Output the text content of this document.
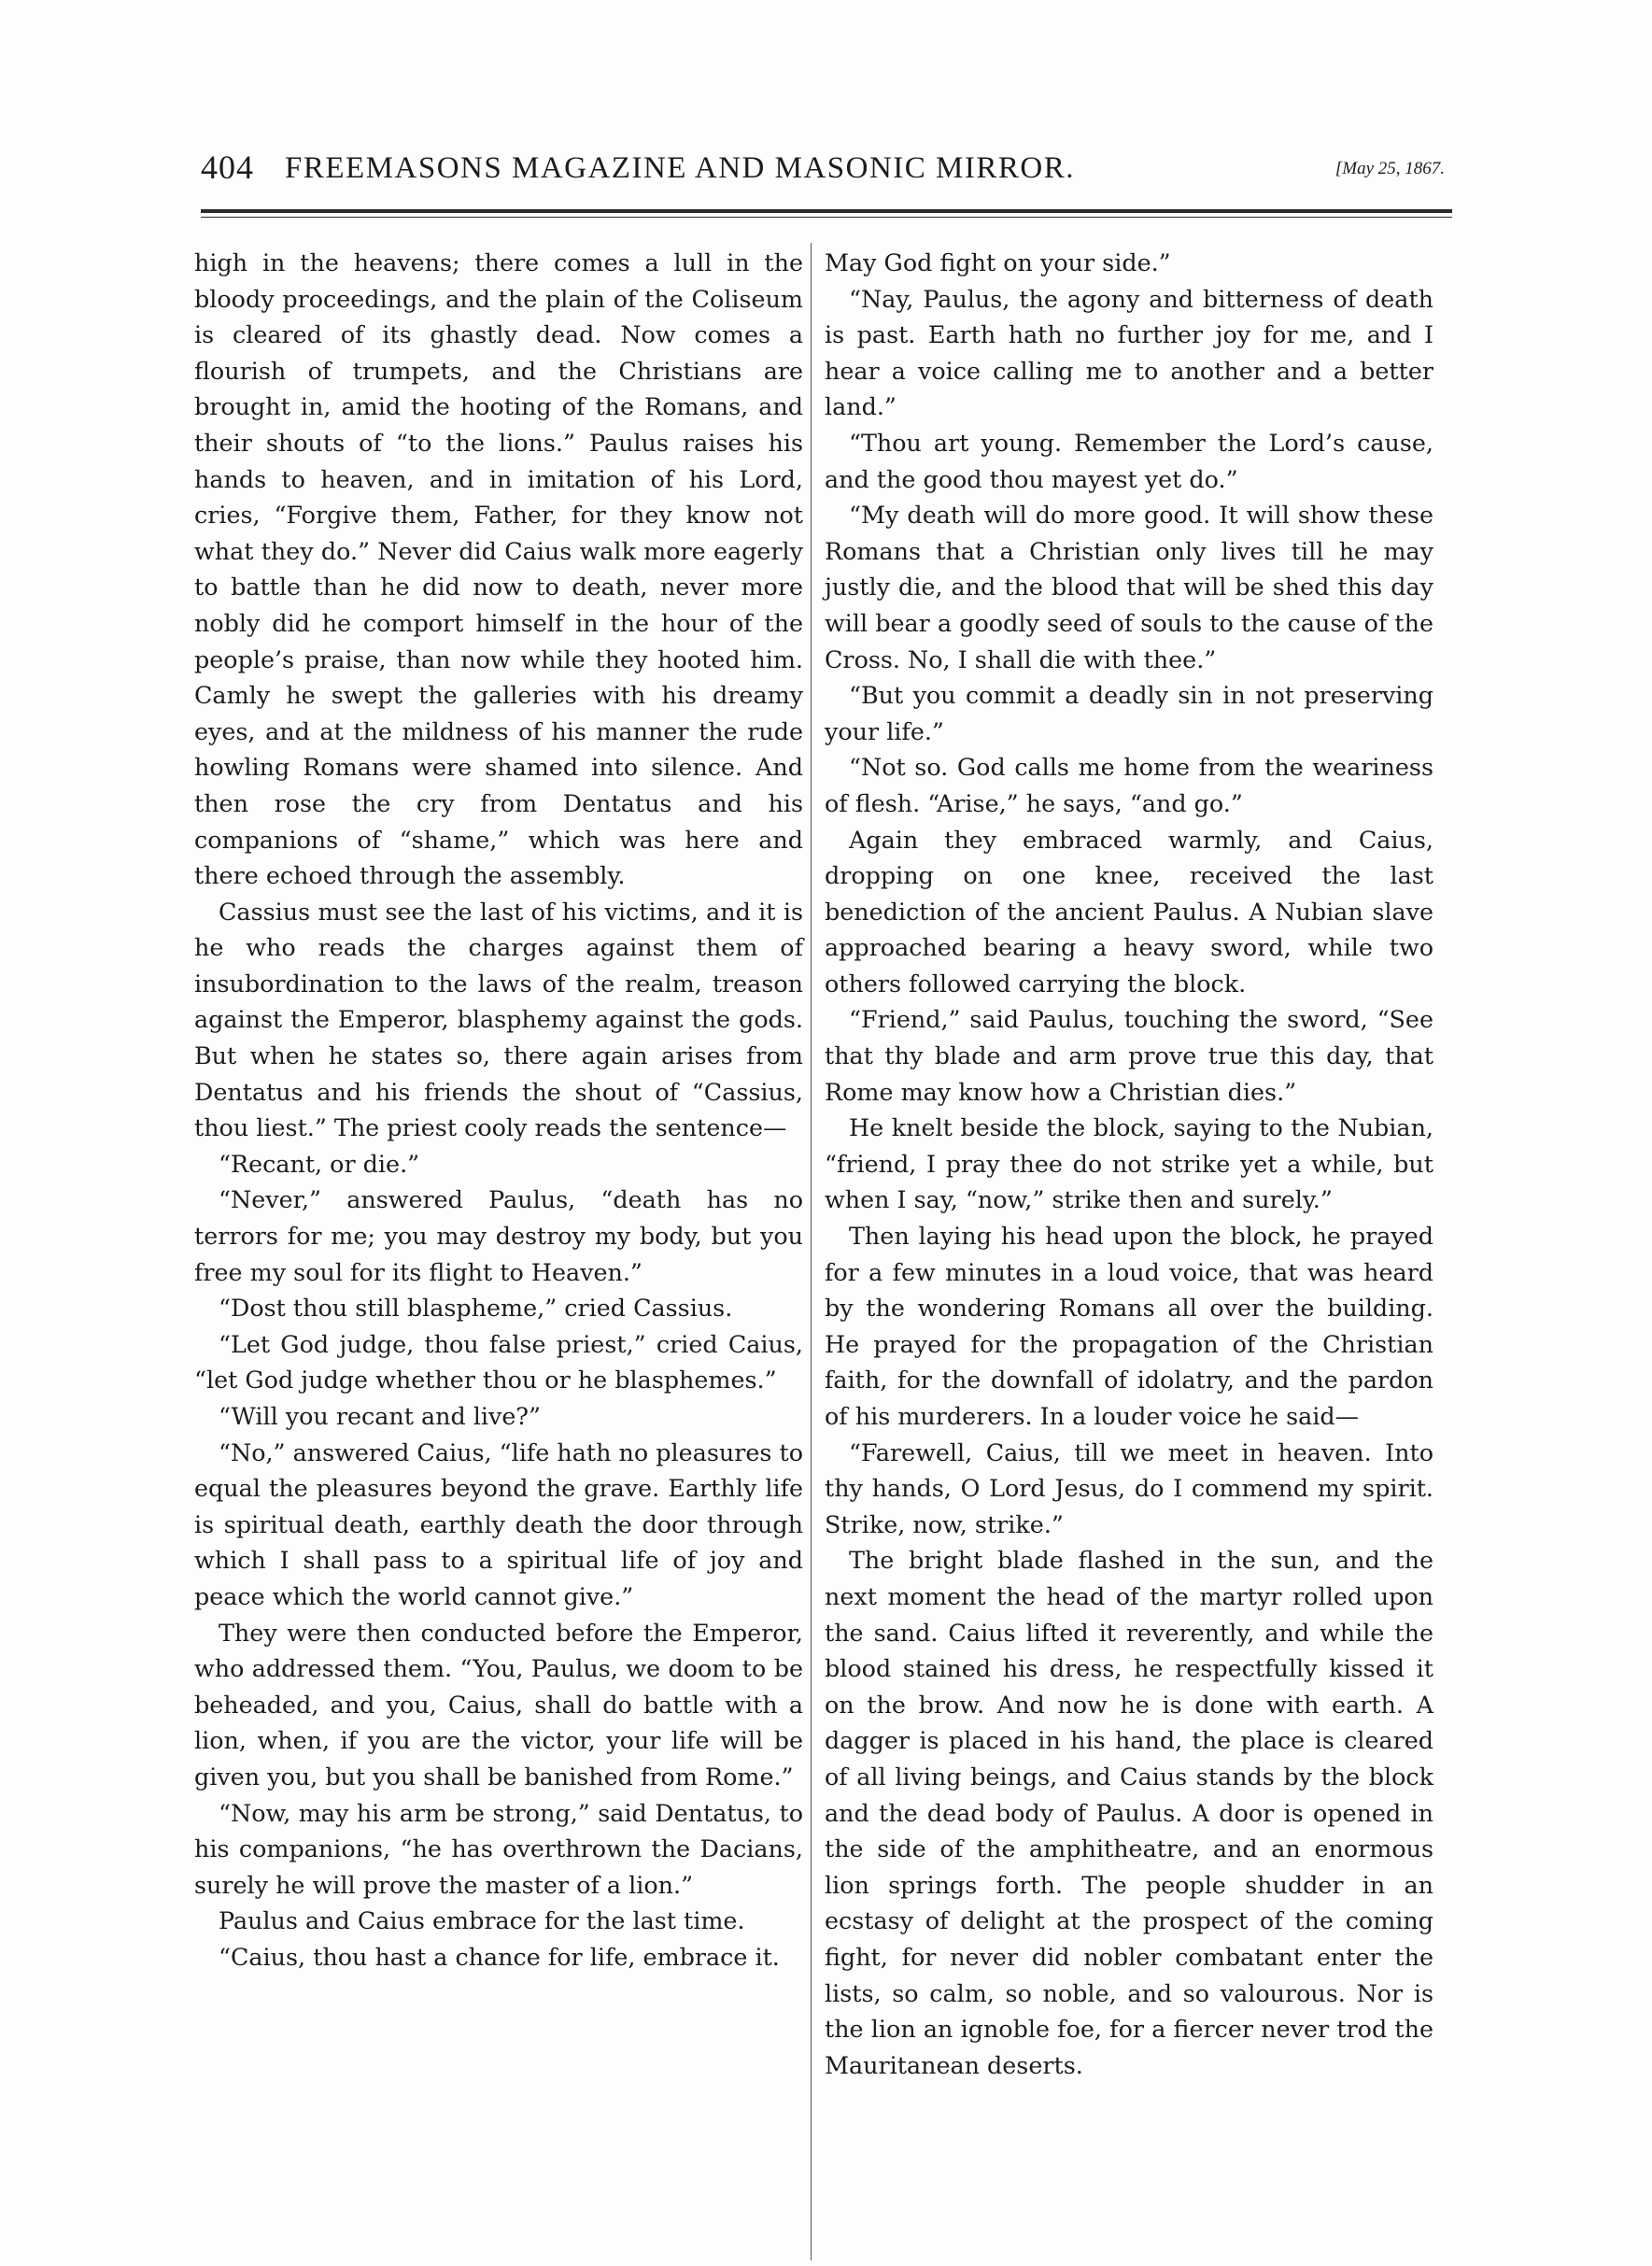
404 FREEMASONS MAGAZINE AND MASONIC MIRROR.	[May 25, 1867.

high in the heavens; there comes a lull in the bloody proceedings, and the plain of the Coliseum is cleared of its ghastly dead. Now comes a flourish of trumpets, and the Christians are brought in, amid the hooting of the Romans, and their shouts of “to the lions.” Paulus raises his hands to heaven, and in imitation of his Lord, cries, “Forgive them, Father, for they know not what they do.” Never did Caius walk more eagerly to battle than he did now to death, never more nobly did he comport himself in the hour of the people’s praise, than now while they hooted him. Camly he swept the galleries with his dreamy eyes, and at the mildness of his manner the rude howling Romans were shamed into silence. And then rose the cry from Dentatus and his companions of “shame,” which was here and there echoed through the assembly.

Cassius must see the last of his victims, and it is he who reads the charges against them of insubordination to the laws of the realm, treason against the Emperor, blasphemy against the gods. But when he states so, there again arises from Dentatus and his friends the shout of “Cassius, thou liest.” The priest cooly reads the sentence—

“Recant, or die.”

“Never,” answered Paulus, “death has no terrors for me; you may destroy my body, but you free my soul for its flight to Heaven.”

“Dost thou still blaspheme,” cried Cassius.

“Let God judge, thou false priest,” cried Caius, “let God judge whether thou or he blasphemes.”

“Will you recant and live?”

“No,” answered Caius, “life hath no pleasures to equal the pleasures beyond the grave. Earthly life is spiritual death, earthly death the door through which I shall pass to a spiritual life of joy and peace which the world cannot give.”

They were then conducted before the Emperor, who addressed them. “You, Paulus, we doom to be beheaded, and you, Caius, shall do battle with a lion, when, if you are the victor, your life will be given you, but you shall be banished from Rome.”

“Now, may his arm be strong,” said Dentatus, to his companions, “he has overthrown the Dacians, surely he will prove the master of a lion.”

Paulus and Caius embrace for the last time.

“Caius, thou hast a chance for life, embrace it.

May God fight on your side.”

“Nay, Paulus, the agony and bitterness of death is past. Earth hath no further joy for me, and I hear a voice calling me to another and a better land.”

“Thou art young. Remember the Lord’s cause, and the good thou mayest yet do.”

“My death will do more good. It will show these Romans that a Christian only lives till he may justly die, and the blood that will be shed this day will bear a goodly seed of souls to the cause of the Cross. No, I shall die with thee.”

“But you commit a deadly sin in not preserving your life.”

“Not so. God calls me home from the weariness of flesh. “Arise,” he says, “and go.”

Again they embraced warmly, and Caius, dropping on one knee, received the last benediction of the ancient Paulus. A Nubian slave approached bearing a heavy sword, while two others followed carrying the block.

“Friend,” said Paulus, touching the sword, “See that thy blade and arm prove true this day, that Rome may know how a Christian dies.”

He knelt beside the block, saying to the Nubian, “friend, I pray thee do not strike yet a while, but when I say, “now,” strike then and surely.”

Then laying his head upon the block, he prayed for a few minutes in a loud voice, that was heard by the wondering Romans all over the building. He prayed for the propagation of the Christian faith, for the downfall of idolatry, and the pardon of his murderers. In a louder voice he said—

“Farewell, Caius, till we meet in heaven. Into thy hands, O Lord Jesus, do I commend my spirit. Strike, now, strike.”

The bright blade flashed in the sun, and the next moment the head of the martyr rolled upon the sand. Caius lifted it reverently, and while the blood stained his dress, he respectfully kissed it on the brow. And now he is done with earth. A dagger is placed in his hand, the place is cleared of all living beings, and Caius stands by the block and the dead body of Paulus. A door is opened in the side of the amphitheatre, and an enormous lion springs forth. The people shudder in an ecstasy of delight at the prospect of the coming fight, for never did nobler combatant enter the lists, so calm, so noble, and so valourous. Nor is the lion an ignoble foe, for a fiercer never trod the Mauritanean deserts.
